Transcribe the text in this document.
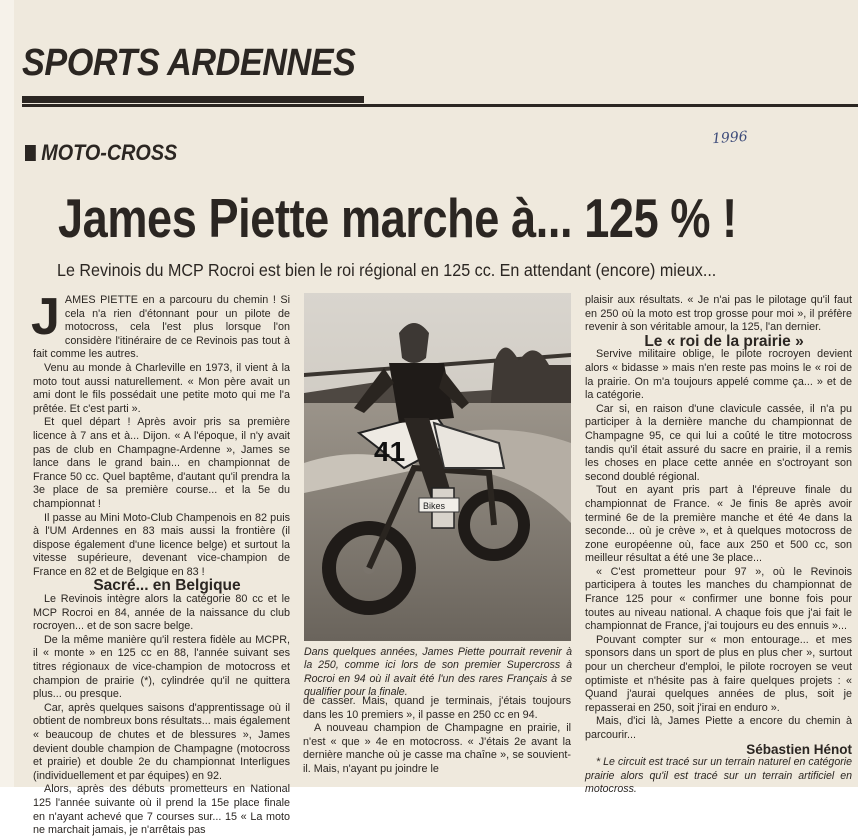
SPORTS ARDENNES
MOTO-CROSS
1996
James Piette marche à... 125 % !
Le Revinois du MCP Rocroi est bien le roi régional en 125 cc. En attendant (encore) mieux...

JAMES PIETTE en a parcouru du chemin ! Si cela n'a rien d'étonnant pour un pilote de motocross, cela l'est plus lorsque l'on considère l'itinéraire de ce Revinois pas tout à fait comme les autres.

Venu au monde à Charleville en 1973, il vient à la moto tout aussi naturellement. « Mon père avait un ami dont le fils possédait une petite moto qui me l'a prêtée. Et c'est parti ».

Et quel départ ! Après avoir pris sa première licence à 7 ans et à... Dijon. « A l'époque, il n'y avait pas de club en Champagne-Ardenne », James se lance dans le grand bain... en championnat de France 50 cc. Quel baptême, d'autant qu'il prendra la 3e place de sa première course... et la 5e du championnat !

Il passe au Mini Moto-Club Champenois en 82 puis à l'UM Ardennes en 83 mais aussi la frontière (il dispose également d'une licence belge) et surtout la vitesse supérieure, devenant vice-champion de France en 82 et de Belgique en 83 !

Sacré... en Belgique

Le Revinois intègre alors la catégorie 80 cc et le MCP Rocroi en 84, année de la naissance du club rocroyen... et de son sacre belge.

De la même manière qu'il restera fidèle au MCPR, il « monte » en 125 cc en 88, l'année suivant ses titres régionaux de vice-champion de motocross et champion de prairie (*), cylindrée qu'il ne quittera plus... ou presque.

Car, après quelques saisons d'apprentissage où il obtient de nombreux bons résultats... mais également « beaucoup de chutes et de blessures », James devient double champion de Champagne (motocross et prairie) et double 2e du championnat Interligues (individuellement et par équipes) en 92.

Alors, après des débuts prometteurs en National 125 l'année suivante où il prend la 15e place finale en n'ayant achevé que 7 courses sur... 15 « La moto ne marchait jamais, je n'arrêtais pas

41
Bikes
Dans quelques années, James Piette pourrait revenir à la 250, comme ici lors de son premier Supercross à Rocroi en 94 où il avait été l'un des rares Français à se qualifier pour la finale.

de casser. Mais, quand je terminais, j'étais toujours dans les 10 premiers », il passe en 250 cc en 94.

A nouveau champion de Champagne en prairie, il n'est « que » 4e en motocross. « J'étais 2e avant la dernière manche où je casse ma chaîne », se souvient-il. Mais, n'ayant pu joindre le

plaisir aux résultats. « Je n'ai pas le pilotage qu'il faut en 250 où la moto est trop grosse pour moi », il préfère revenir à son véritable amour, la 125, l'an dernier.

Le « roi de la prairie »

Servive militaire oblige, le pilote rocroyen devient alors « bidasse » mais n'en reste pas moins le « roi de la prairie. On m'a toujours appelé comme ça... » et de la catégorie.

Car si, en raison d'une clavicule cassée, il n'a pu participer à la dernière manche du championnat de Champagne 95, ce qui lui a coûté le titre motocross tandis qu'il était assuré du sacre en prairie, il a remis les choses en place cette année en s'octroyant son second doublé régional.

Tout en ayant pris part à l'épreuve finale du championnat de France. « Je finis 8e après avoir terminé 6e de la première manche et été 4e dans la seconde... où je crève », et à quelques motocross de zone européenne où, face aux 250 et 500 cc, son meilleur résultat a été une 3e place...

« C'est prometteur pour 97 », où le Revinois participera à toutes les manches du championnat de France 125 pour « confirmer une bonne fois pour toutes au niveau national. A chaque fois que j'ai fait le championnat de France, j'ai toujours eu des ennuis »...

Pouvant compter sur « mon entourage... et mes sponsors dans un sport de plus en plus cher », surtout pour un chercheur d'emploi, le pilote rocroyen se veut optimiste et n'hésite pas à faire quelques projets : « Quand j'aurai quelques années de plus, soit je repasserai en 250, soit j'irai en enduro ».

Mais, d'ici là, James Piette a encore du chemin à parcourir...

Sébastien Hénot

* Le circuit est tracé sur un terrain naturel en catégorie prairie alors qu'il est tracé sur un terrain artificiel en motocross.
